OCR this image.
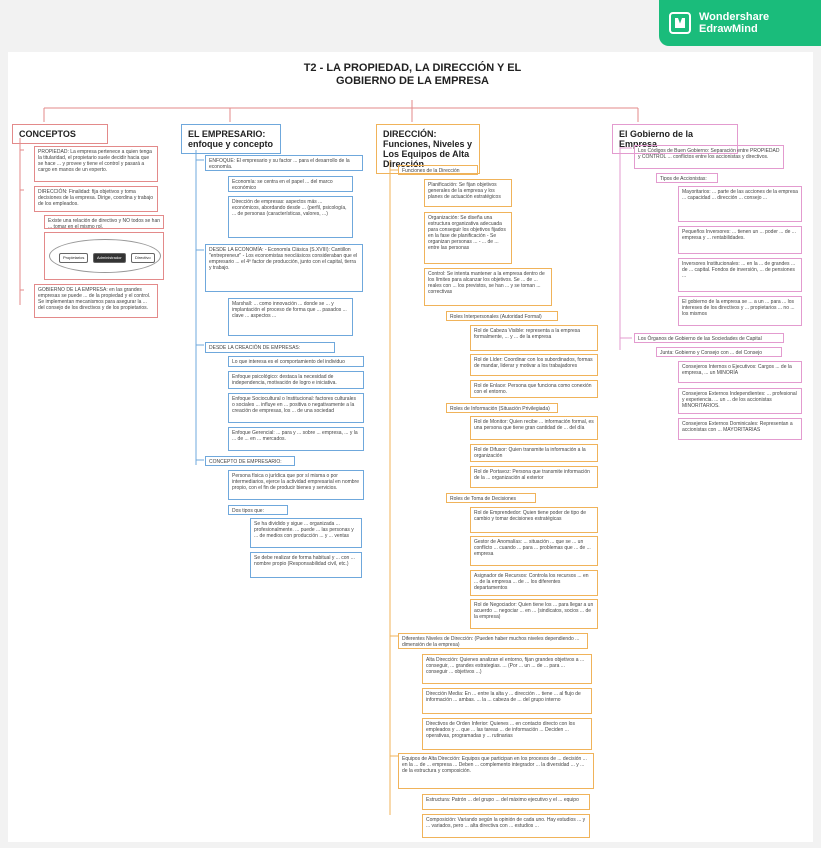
Wondershare
EdrawMind
T2 - LA PROPIEDAD, LA DIRECCIÓN Y EL GOBIERNO DE LA EMPRESA
CONCEPTOS
PROPIEDAD: La empresa pertenece a quien tenga la titularidad, el propietario suele decidir hacia que se hace ... y provee y tiene el control y pasará a cargo en manos de un experto.
DIRECCIÓN: Finalidad: fija objetivos y toma decisiones de la empresa. Dirige, coordina y trabajo de los empleados.
Existe una relación de directivo y NO todos se han ... tomar en el mismo rol.
Propietarios	Administrador	Directivo
GOBIERNO DE LA EMPRESA: en las grandes empresas se puede ... de la propiedad y el control. Se implementan mecanismos para asegurar la ... del consejo de los directivos y de los propietarios.
EL EMPRESARIO: enfoque y concepto
ENFOQUE: El empresario y su factor ... para el desarrollo de la economía.
Economía: se centra en el papel ... del marco económico
Dirección de empresas: aspectos más ... económicos, abordando desde ... (perfil, psicología, ... de personas (características, valores, ...)
DESDE LA ECONOMÍA: - Economía Clásica (S.XVIII): Cantillon "entrepreneur" - Los economistas neoclásicos consideraban que el empresario ... el 4º factor de producción, junto con el capital, tierra y trabajo.
Marshall: ... como innovación ... donde se ... y implantación el proceso de forma que ... pasados ... clave ... aspectos ...
DESDE LA CREACIÓN DE EMPRESAS:
Lo que interesa es el comportamiento del individuo
Enfoque psicológico: destaca la necesidad de independencia, motivación de logro e iniciativa.
Enfoque Sociocultural o Institucional: factores culturales o sociales ... influye en ... positiva o negativamente a la creación de empresas, los ... de una sociedad
Enfoque Gerencial: ... para y ... sobre ... empresa, ... y la ... de ... en ... mercados.
CONCEPTO DE EMPRESARIO:
Persona física o jurídica que por sí misma o por intermediarios, ejerce la actividad empresarial en nombre propio, con el fin de producir bienes y servicios.
Dos tipos que:
Se ha dividido y sigue ... organizada ... profesionalmente. ... puede ... las personas y ... de medios con producción ... y ... ventas
Se debe realizar de forma habitual y ... con ... nombre propio (Responsabilidad civil, etc.)
DIRECCIÓN: Funciones, Niveles y Los Equipos de Alta Dirección
Funciones de la Dirección
Planificación: Se fijan objetivos generales de la empresa y los planes de actuación estratégicos
Organización: Se diseña una estructura organizativa adecuada para conseguir los objetivos fijados en la fase de planificación - Se organizan personas ... - ... de ... entre las personas
Control: Se intenta mantener a la empresa dentro de los límites para alcanzar los objetivos. Se ... de ... reales con ... los previstos, se han ... y se toman ... correctivas
Roles Interpersonales (Autoridad Formal)
Rol de Cabeza Visible: representa a la empresa formalmente, ... y ... de la empresa
Rol de Líder: Coordinar con los subordinados, formas de mandar, liderar y motivar a los trabajadores
Rol de Enlace: Persona que funciona como conexión con el entorno.
Roles de Información (Situación Privilegiada)
Rol de Monitor: Quien recibe ... información formal, es una persona que tiene gran cantidad de ... del día
Rol de Difusor: Quien transmite la información a la organización
Rol de Portavoz: Persona que transmite información de la ... organización al exterior
Roles de Toma de Decisiones
Rol de Emprendedor: Quien tiene poder de tipo de cambio y tomar decisiones estratégicas
Gestor de Anomalías: ... situación ... que se ... un conflicto ... cuando ... para ... problemas que ... de ... empresa
Asignador de Recursos: Controla los recursos ... en ... de la empresa ... de ... los diferentes departamentos
Rol de Negociador: Quien tiene los ... para llegar a un acuerdo ... negociar ... en ... (sindicatos, socios ... de la empresa)
Diferentes Niveles de Dirección: (Pueden haber muchos niveles dependiendo ... dimensión de la empresa)
Alta Dirección: Quienes analizan el entorno, fijan grandes objetivos a ... conseguir, ... grandes estrategias. ... (Por ... un ... de ... para ... conseguir ... objetivos ...)
Dirección Media: En ... entre la alta y ... dirección ... tiene ... al flujo de información ... ambas. ... la ... cabeza de ... del grupo interno
Directivos de Orden Inferior: Quienes ... en contacto directo con los empleados y ... que ... las tareas ... de información ... Deciden ... operativas, programadas y ... rutinarias
Equipos de Alta Dirección: Equipos que participan en los procesos de ... decisión ... en la ... de ... empresa ... Deben ... complemento integrador ... la diversidad ... y ... de la estructura y composición.
Estructura: Patrón ... del grupo ... del máximo ejecutivo y el ... equipo
Composición: Variando según la opinión de cada uno. Hay estudios ... y ... variados, pero ... alta directiva con ... estudios ...
El Gobierno de la Empresa
Los Códigos de Buen Gobierno: Separación entre PROPIEDAD y CONTROL ... conflictos entre los accionistas y directivos.
Tipos de Accionistas:
Mayoritarios: ... parte de las acciones de la empresa ... capacidad ... dirección ... consejo ...
Pequeños Inversores: ... tienen un ... poder ... de ... empresa y ... rentabilidades.
Inversores Institucionales: ... en la ... de grandes ... de ... capital. Fondos de inversión, ... de pensiones ...
El gobierno de la empresa se ... a un ... para ... los intereses de los directivos y ... propietarios ... no ... los mismos
Los Órganos de Gobierno de las Sociedades de Capital
Junta: Gobierno y Consejo con ... del Consejo
Consejeros Internos o Ejecutivos: Cargos ... de la empresa, ... un MINORÍA
Consejeros Externos Independientes: ... profesional y experiencia. ... un ... de los accionistas MINORITARIOS.
Consejeros Externos Dominicales: Representan a accionistas con ... MAYORITARIAS
